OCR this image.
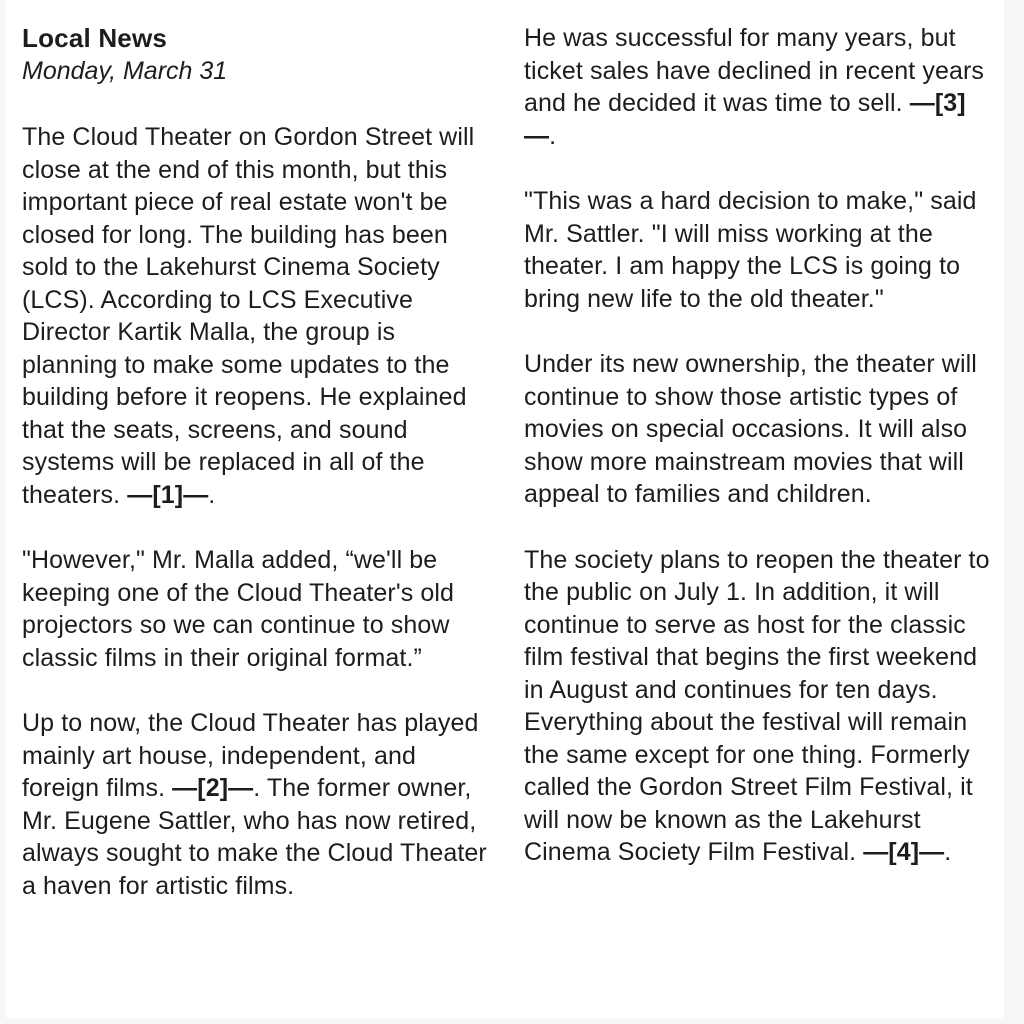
Local News
Monday, March 31

The Cloud Theater on Gordon Street will close at the end of this month, but this important piece of real estate won't be closed for long. The building has been sold to the Lakehurst Cinema Society (LCS). According to LCS Executive Director Kartik Malla, the group is planning to make some updates to the building before it reopens. He explained that the seats, screens, and sound systems will be replaced in all of the theaters. —[1]—.

"However," Mr. Malla added, “we'll be keeping one of the Cloud Theater's old projectors so we can continue to show classic films in their original format.”

Up to now, the Cloud Theater has played mainly art house, independent, and foreign films. —[2]—. The former owner, Mr. Eugene Sattler, who has now retired, always sought to make the Cloud Theater a haven for artistic films.

He was successful for many years, but ticket sales have declined in recent years and he decided it was time to sell. —[3]—.

"This was a hard decision to make," said Mr. Sattler. "I will miss working at the theater. I am happy the LCS is going to bring new life to the old theater."

Under its new ownership, the theater will continue to show those artistic types of movies on special occasions. It will also show more mainstream movies that will appeal to families and children.

The society plans to reopen the theater to the public on July 1. In addition, it will continue to serve as host for the classic film festival that begins the first weekend in August and continues for ten days. Everything about the festival will remain the same except for one thing. Formerly called the Gordon Street Film Festival, it will now be known as the Lakehurst Cinema Society Film Festival. —[4]—.
